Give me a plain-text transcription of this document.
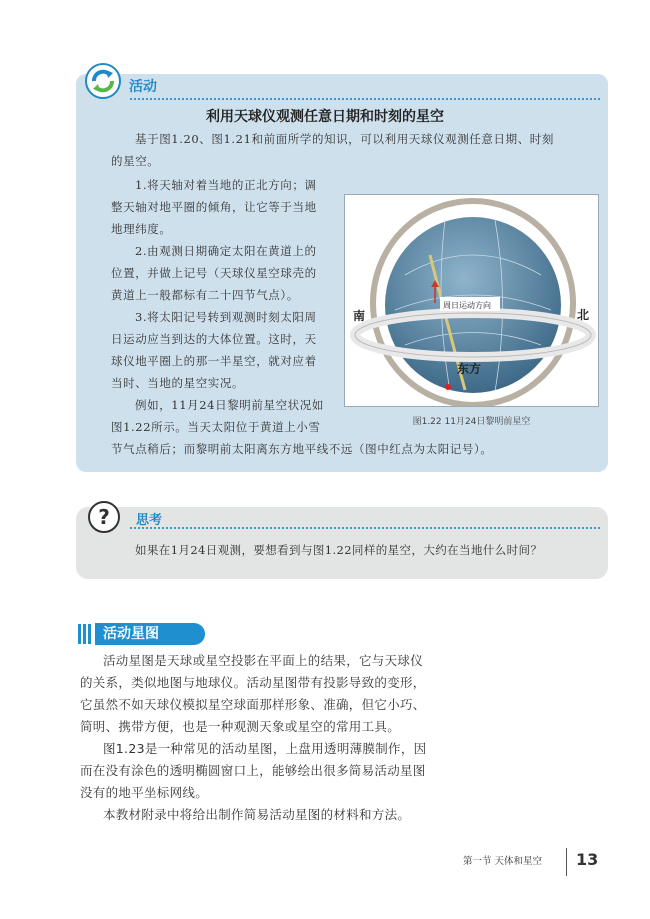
活动
利用天球仪观测任意日期和时刻的星空
基于图1.20、图1.21和前面所学的知识，可以利用天球仪观测任意日期、时刻
的星空。
1.将天轴对着当地的正北方向；调
整天轴对地平圈的倾角，让它等于当地
地理纬度。
2.由观测日期确定太阳在黄道上的
位置，并做上记号（天球仪星空球壳的
黄道上一般都标有二十四节气点）。
3.将太阳记号转到观测时刻太阳周
日运动应当到达的大体位置。这时，天
球仪地平圈上的那一半星空，就对应着
当时、当地的星空实况。
例如，11月24日黎明前星空状况如
图1.22所示。当天太阳位于黄道上小雪
节气点稍后；而黎明前太阳离东方地平线不远（图中红点为太阳记号）。
周日运动方向
南	北
东方
图1.22 11月24日黎明前星空
? 思考
如果在1月24日观测，要想看到与图1.22同样的星空，大约在当地什么时间？
活动星图
活动星图是天球或星空投影在平面上的结果，它与天球仪
的关系，类似地图与地球仪。活动星图带有投影导致的变形，
它虽然不如天球仪模拟星空球面那样形象、准确，但它小巧、
简明、携带方便，也是一种观测天象或星空的常用工具。
图1.23是一种常见的活动星图，上盘用透明薄膜制作，因
而在没有涂色的透明椭圆窗口上，能够绘出很多简易活动星图
没有的地平坐标网线。
本教材附录中将给出制作简易活动星图的材料和方法。
第一节 天体和星空 13
